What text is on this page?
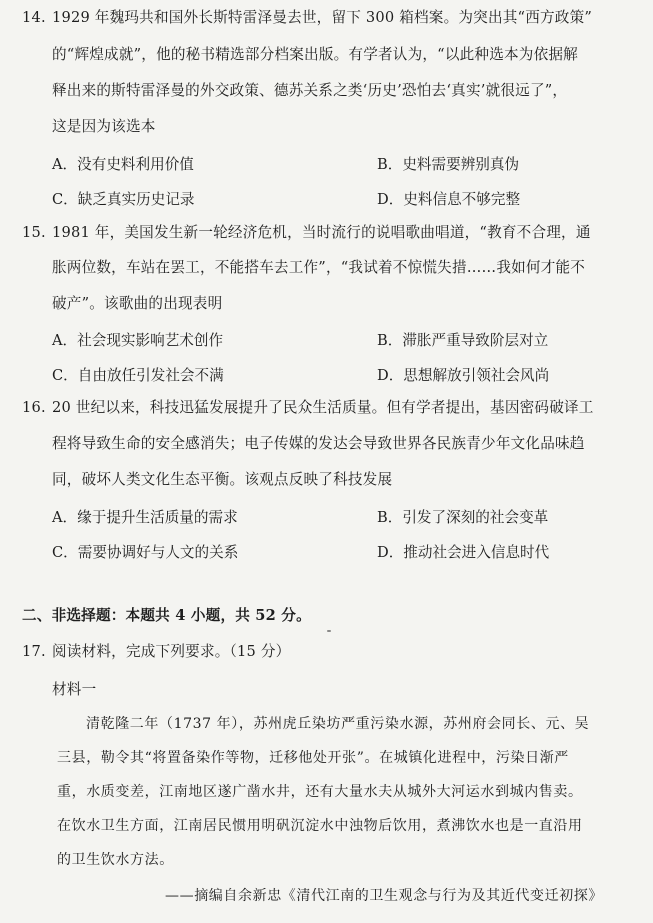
14. 1929 年魏玛共和国外长斯特雷泽曼去世，留下 300 箱档案。为突出其“西方政策”
的“辉煌成就”，他的秘书精选部分档案出版。有学者认为，“以此种选本为依据解
释出来的斯特雷泽曼的外交政策、德苏关系之类‘历史’恐怕去‘真实’就很远了”，
这是因为该选本
A．没有史料利用价值	B．史料需要辨别真伪
C．缺乏真实历史记录	D．史料信息不够完整
15. 1981 年，美国发生新一轮经济危机，当时流行的说唱歌曲唱道，“教育不合理，通
胀两位数，车站在罢工，不能搭车去工作”，“我试着不惊慌失措……我如何才能不
破产”。该歌曲的出现表明
A．社会现实影响艺术创作	B．滞胀严重导致阶层对立
C．自由放任引发社会不满	D．思想解放引领社会风尚
16. 20 世纪以来，科技迅猛发展提升了民众生活质量。但有学者提出，基因密码破译工
程将导致生命的安全感消失；电子传媒的发达会导致世界各民族青少年文化品味趋
同，破坏人类文化生态平衡。该观点反映了科技发展
A．缘于提升生活质量的需求	B．引发了深刻的社会变革
C．需要协调好与人文的关系	D．推动社会进入信息时代
二、非选择题：本题共 4 小题，共 52 分。
17. 阅读材料，完成下列要求。（15 分）
材料一
清乾隆二年（1737 年），苏州虎丘染坊严重污染水源，苏州府会同长、元、吴
三县，勒令其“将置备染作等物，迁移他处开张”。在城镇化进程中，污染日渐严
重，水质变差，江南地区遂广凿水井，还有大量水夫从城外大河运水到城内售卖。
在饮水卫生方面，江南居民惯用明矾沉淀水中浊物后饮用，煮沸饮水也是一直沿用
的卫生饮水方法。
——摘编自余新忠《清代江南的卫生观念与行为及其近代变迁初探》
